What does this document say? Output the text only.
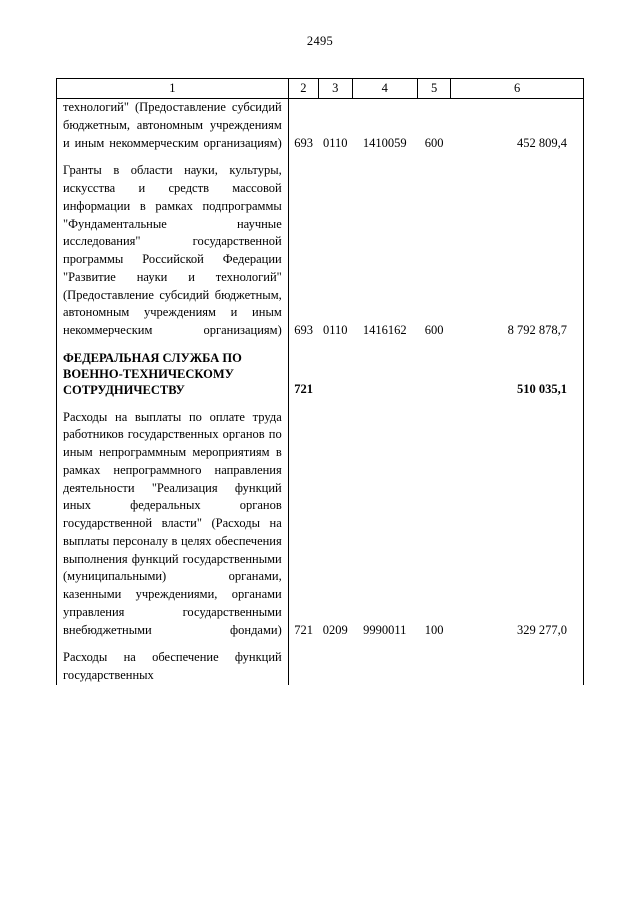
2495
1	2	3	4	5	6
технологий" (Предоставление субсидий бюджетным, автономным учреждениям и иным некоммерческим организациям)	693	0110	1410059	600	452 809,4

Гранты в области науки, культуры, искусства и средств массовой информации в рамках подпрограммы "Фундаментальные научные исследования" государственной программы Российской Федерации "Развитие науки и технологий" (Предоставление субсидий бюджетным, автономным учреждениям и иным некоммерческим организациям)	693	0110	1416162	600	8 792 878,7

ФЕДЕРАЛЬНАЯ СЛУЖБА ПО ВОЕННО-ТЕХНИЧЕСКОМУ СОТРУДНИЧЕСТВУ	721				510 035,1

Расходы на выплаты по оплате труда работников государственных органов по иным непрограммным мероприятиям в рамках непрограммного направления деятельности "Реализация функций иных федеральных органов государственной власти" (Расходы на выплаты персоналу в целях обеспечения выполнения функций государственными (муниципальными) органами, казенными учреждениями, органами управления государственными внебюджетными фондами)	721	0209	9990011	100	329 277,0

Расходы на обеспечение функций государственных					
